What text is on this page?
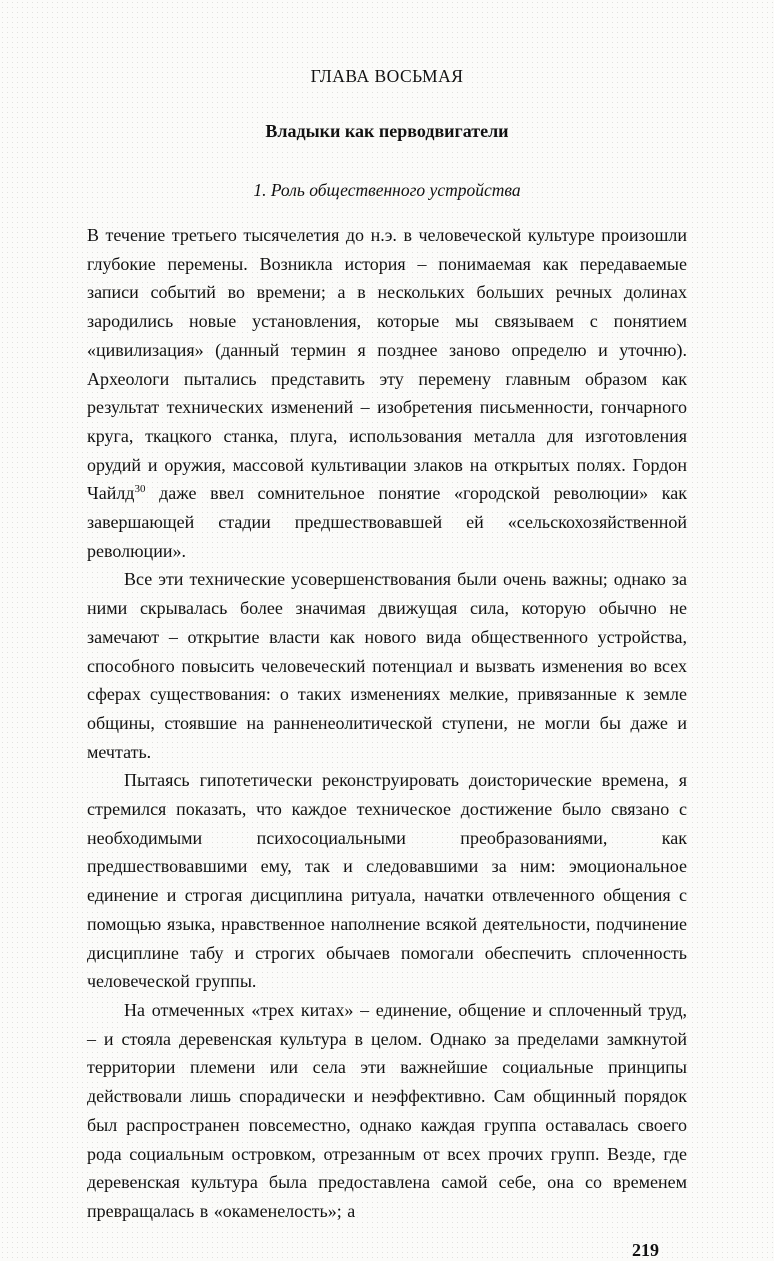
ГЛАВА ВОСЬМАЯ
Владыки как перводвигатели
1. Роль общественного устройства

В течение третьего тысячелетия до н.э. в человеческой культуре произошли глубокие перемены. Возникла история – понимаемая как передаваемые записи событий во времени; а в нескольких больших речных долинах зародились новые установления, которые мы связываем с понятием «цивилизация» (данный термин я позднее заново определю и уточню). Археологи пытались представить эту перемену главным образом как результат технических изменений – изобретения письменности, гончарного круга, ткацкого станка, плуга, использования металла для изготовления орудий и оружия, массовой культивации злаков на открытых полях. Гордон Чайлд$^{30}$ даже ввел сомнительное понятие «городской революции» как завершающей стадии предшествовавшей ей «сельскохозяйственной революции».

Все эти технические усовершенствования были очень важны; однако за ними скрывалась более значимая движущая сила, которую обычно не замечают – открытие власти как нового вида общественного устройства, способного повысить человеческий потенциал и вызвать изменения во всех сферах существования: о таких изменениях мелкие, привязанные к земле общины, стоявшие на ранненеолитической ступени, не могли бы даже и мечтать.

Пытаясь гипотетически реконструировать доисторические времена, я стремился показать, что каждое техническое достижение было связано с необходимыми психосоциальными преобразованиями, как предшествовавшими ему, так и следовавшими за ним: эмоциональное единение и строгая дисциплина ритуала, начатки отвлеченного общения с помощью языка, нравственное наполнение всякой деятельности, подчинение дисциплине табу и строгих обычаев помогали обеспечить сплоченность человеческой группы.

На отмеченных «трех китах» – единение, общение и сплоченный труд, – и стояла деревенская культура в целом. Однако за пределами замкнутой территории племени или села эти важнейшие социальные принципы действовали лишь спорадически и неэффективно. Сам общинный порядок был распространен повсеместно, однако каждая группа оставалась своего рода социальным островком, отрезанным от всех прочих групп. Везде, где деревенская культура была предоставлена самой себе, она со временем превращалась в «окаменелость»; а

219
